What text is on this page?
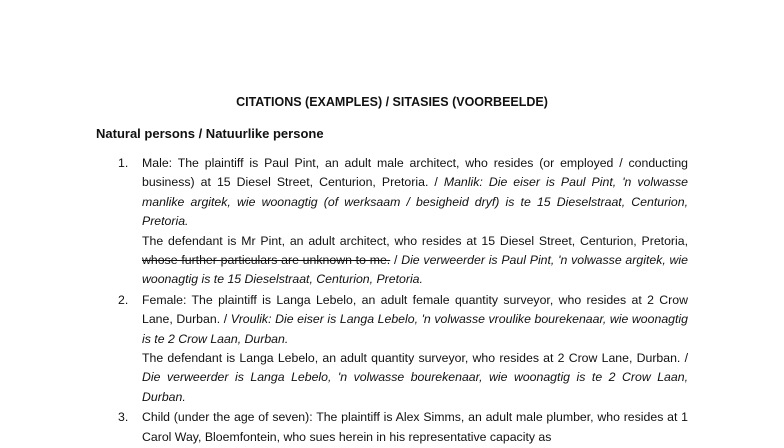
CITATIONS (EXAMPLES) / SITASIES (VOORBEELDE)
Natural persons / Natuurlike persone
1. Male: The plaintiff is Paul Pint, an adult male architect, who resides (or employed / conducting business) at 15 Diesel Street, Centurion, Pretoria. / Manlik: Die eiser is Paul Pint, 'n volwasse manlike argitek, wie woonagtig (of werksaam / besigheid dryf) is te 15 Dieselstraat, Centurion, Pretoria.
The defendant is Mr Pint, an adult architect, who resides at 15 Diesel Street, Centurion, Pretoria, whose further particulars are unknown to me. / Die verweerder is Paul Pint, 'n volwasse argitek, wie woonagtig is te 15 Dieselstraat, Centurion, Pretoria.
2. Female: The plaintiff is Langa Lebelo, an adult female quantity surveyor, who resides at 2 Crow Lane, Durban. / Vroulik: Die eiser is Langa Lebelo, 'n volwasse vroulike bourekenaar, wie woonagtig is te 2 Crow Laan, Durban.
The defendant is Langa Lebelo, an adult quantity surveyor, who resides at 2 Crow Lane, Durban. / Die verweerder is Langa Lebelo, 'n volwasse bourekenaar, wie woonagtig is te 2 Crow Laan, Durban.
3. Child (under the age of seven): The plaintiff is Alex Simms, an adult male plumber, who resides at 1 Carol Way, Bloemfontein, who sues herein in his representative capacity as
